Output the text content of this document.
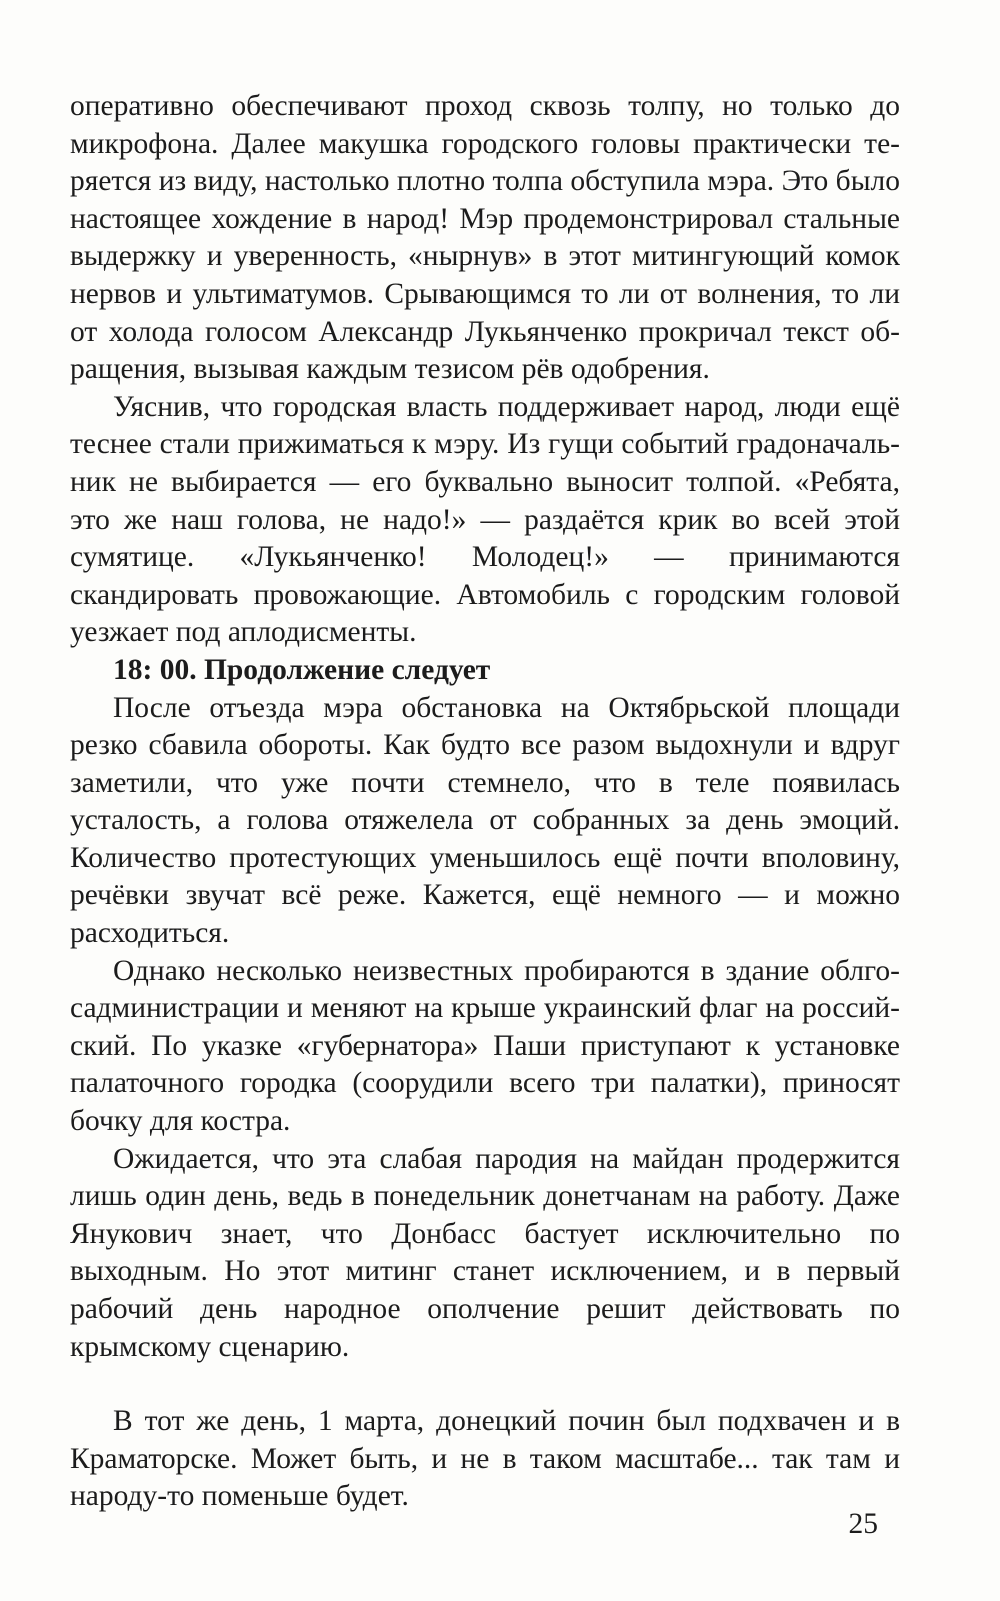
оперативно обеспечивают проход сквозь толпу, но только до микрофона. Далее макушка городского головы практически теряется из виду, настолько плотно толпа обступила мэра. Это было настоящее хождение в народ! Мэр продемонстрировал стальные выдержку и уверенность, «нырнув» в этот митингующий комок нервов и ультиматумов. Срывающимся то ли от волнения, то ли от холода голосом Александр Лукьянченко прокричал текст обращения, вызывая каждым тезисом рёв одобрения.

Уяснив, что городская власть поддерживает народ, люди ещё теснее стали прижиматься к мэру. Из гущи событий градоначальник не выбирается — его буквально выносит толпой. «Ребята, это же наш голова, не надо!» — раздаётся крик во всей этой сумятице. «Лукьянченко! Молодец!» — принимаются скандировать провожающие. Автомобиль с городским головой уезжает под аплодисменты.

18: 00. Продолжение следует

После отъезда мэра обстановка на Октябрьской площади резко сбавила обороты. Как будто все разом выдохнули и вдруг заметили, что уже почти стемнело, что в теле появилась усталость, а голова отяжелела от собранных за день эмоций. Количество протестующих уменьшилось ещё почти вполовину, речёвки звучат всё реже. Кажется, ещё немного — и можно расходиться.

Однако несколько неизвестных пробираются в здание облгосадминистрации и меняют на крыше украинский флаг на российский. По указке «губернатора» Паши приступают к установке палаточного городка (соорудили всего три палатки), приносят бочку для костра.

Ожидается, что эта слабая пародия на майдан продержится лишь один день, ведь в понедельник донетчанам на работу. Даже Янукович знает, что Донбасс бастует исключительно по выходным. Но этот митинг станет исключением, и в первый рабочий день народное ополчение решит действовать по крымскому сценарию.

В тот же день, 1 марта, донецкий почин был подхвачен и в Краматорске. Может быть, и не в таком масштабе... так там и народу-то поменьше будет.

25
